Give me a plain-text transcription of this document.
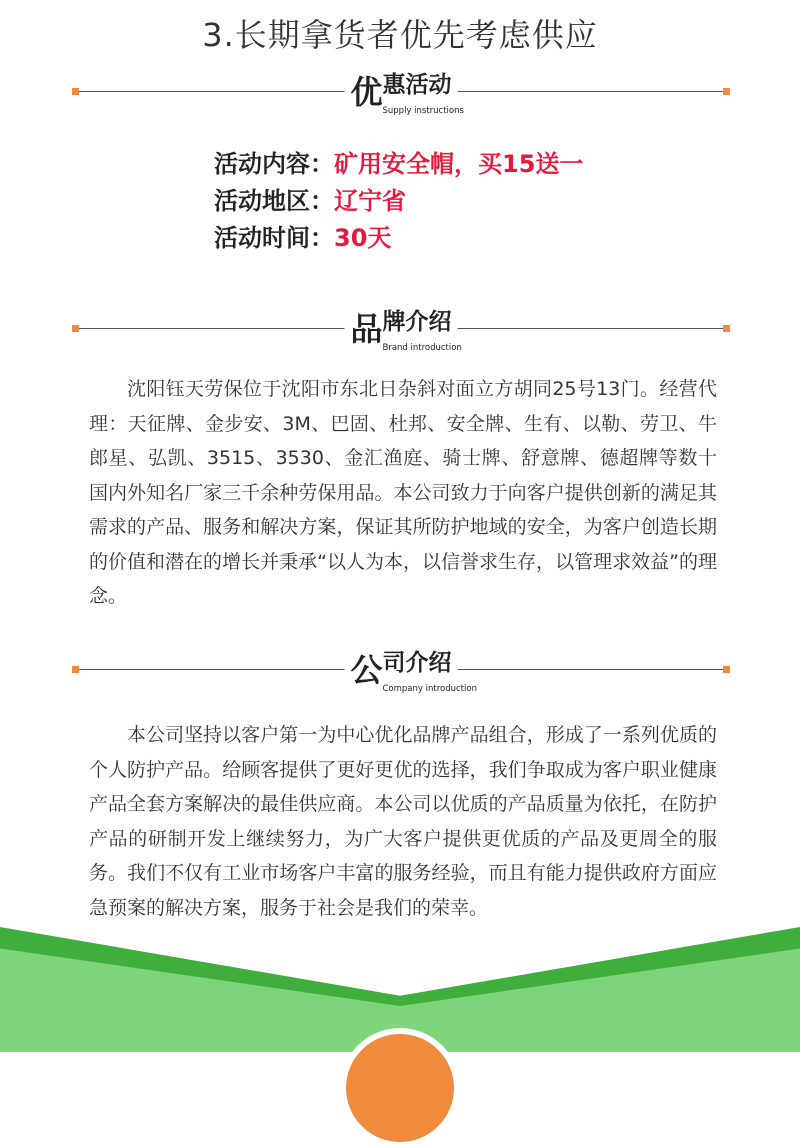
3.长期拿货者优先考虑供应
优惠活动
Supply instructions
活动内容：矿用安全帽，买15送一
活动地区：辽宁省
活动时间：30天
品牌介绍
Brand introduction

沈阳钰天劳保位于沈阳市东北日杂斜对面立方胡同25号13门。经营代理：天征牌、金步安、3M、巴固、杜邦、安全牌、生有、以勒、劳卫、牛郎星、弘凯、3515、3530、金汇渔庭、骑士牌、舒意牌、德超牌等数十国内外知名厂家三千余种劳保用品。本公司致力于向客户提供创新的满足其需求的产品、服务和解决方案，保证其所防护地域的安全，为客户创造长期的价值和潜在的增长并秉承“以人为本，以信誉求生存，以管理求效益”的理念。

公司介绍
Company introduction

本公司坚持以客户第一为中心优化品牌产品组合，形成了一系列优质的个人防护产品。给顾客提供了更好更优的选择，我们争取成为客户职业健康产品全套方案解决的最佳供应商。本公司以优质的产品质量为依托，在防护产品的研制开发上继续努力，为广大客户提供更优质的产品及更周全的服务。我们不仅有工业市场客户丰富的服务经验，而且有能力提供政府方面应急预案的解决方案，服务于社会是我们的荣幸。
